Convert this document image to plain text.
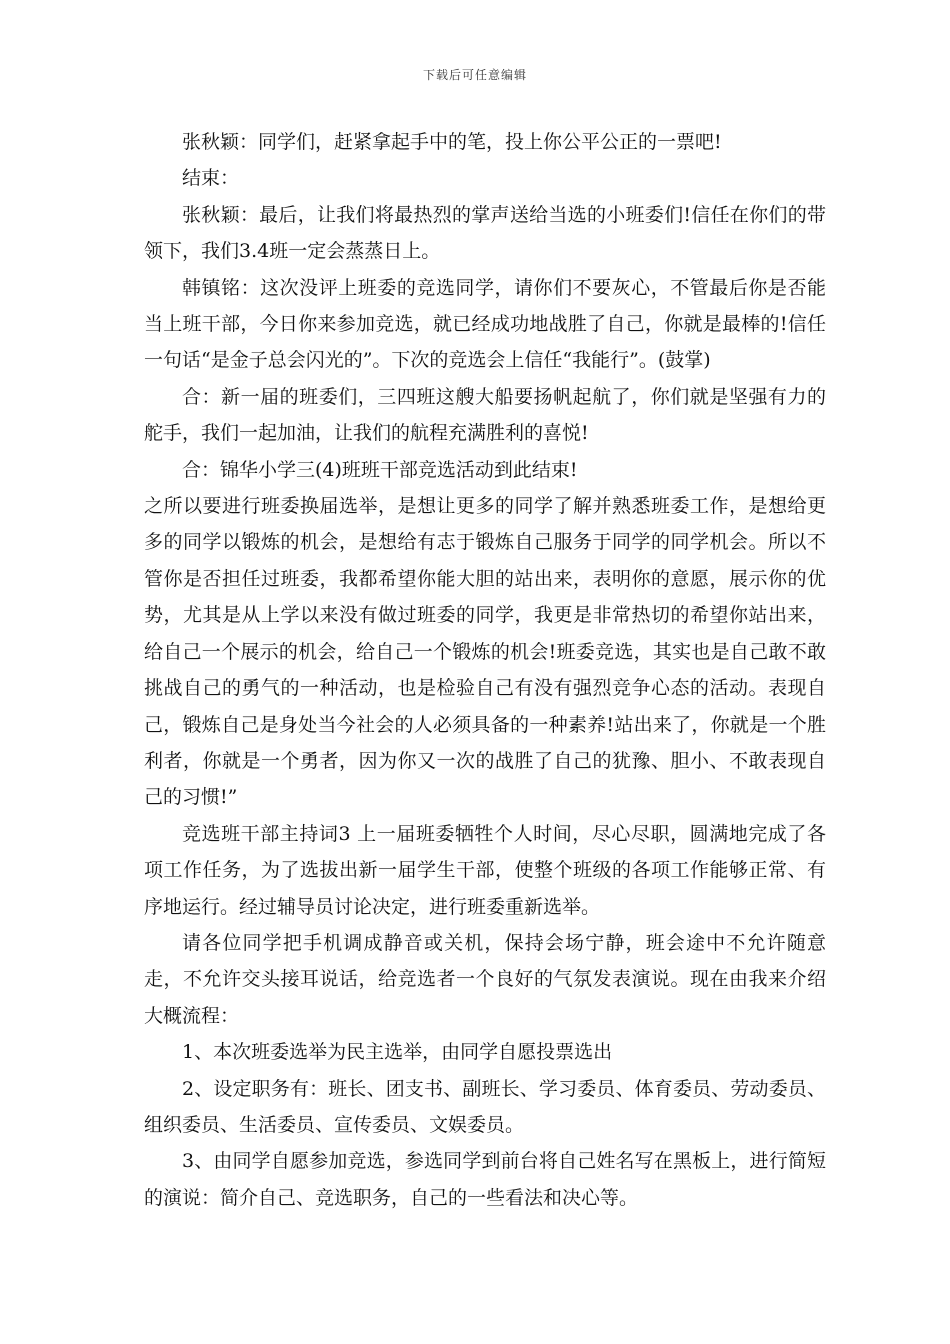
下载后可任意编辑

张秋颖：同学们，赶紧拿起手中的笔，投上你公平公正的一票吧!

结束：

张秋颖：最后，让我们将最热烈的掌声送给当选的小班委们!信任在你们的带领下，我们3.4班一定会蒸蒸日上。

韩镇铭：这次没评上班委的竞选同学，请你们不要灰心，不管最后你是否能当上班干部，今日你来参加竞选，就已经成功地战胜了自己，你就是最棒的!信任一句话“是金子总会闪光的”。下次的竞选会上信任“我能行”。(鼓掌)

合：新一届的班委们，三四班这艘大船要扬帆起航了，你们就是坚强有力的舵手，我们一起加油，让我们的航程充满胜利的喜悦!

合：锦华小学三(4)班班干部竞选活动到此结束!

之所以要进行班委换届选举，是想让更多的同学了解并熟悉班委工作，是想给更多的同学以锻炼的机会，是想给有志于锻炼自己服务于同学的同学机会。所以不管你是否担任过班委，我都希望你能大胆的站出来，表明你的意愿，展示你的优势，尤其是从上学以来没有做过班委的同学，我更是非常热切的希望你站出来，给自己一个展示的机会，给自己一个锻炼的机会!班委竞选，其实也是自己敢不敢挑战自己的勇气的一种活动，也是检验自己有没有强烈竞争心态的活动。表现自己，锻炼自己是身处当今社会的人必须具备的一种素养!站出来了，你就是一个胜利者，你就是一个勇者，因为你又一次的战胜了自己的犹豫、胆小、不敢表现自己的习惯!”

竞选班干部主持词3 上一届班委牺牲个人时间，尽心尽职，圆满地完成了各项工作任务，为了选拔出新一届学生干部，使整个班级的各项工作能够正常、有序地运行。经过辅导员讨论决定，进行班委重新选举。

请各位同学把手机调成静音或关机，保持会场宁静，班会途中不允许随意走，不允许交头接耳说话，给竞选者一个良好的气氛发表演说。现在由我来介绍大概流程：

1、本次班委选举为民主选举，由同学自愿投票选出

2、设定职务有：班长、团支书、副班长、学习委员、体育委员、劳动委员、组织委员、生活委员、宣传委员、文娱委员。

3、由同学自愿参加竞选，参选同学到前台将自己姓名写在黑板上，进行简短的演说：简介自己、竞选职务，自己的一些看法和决心等。
